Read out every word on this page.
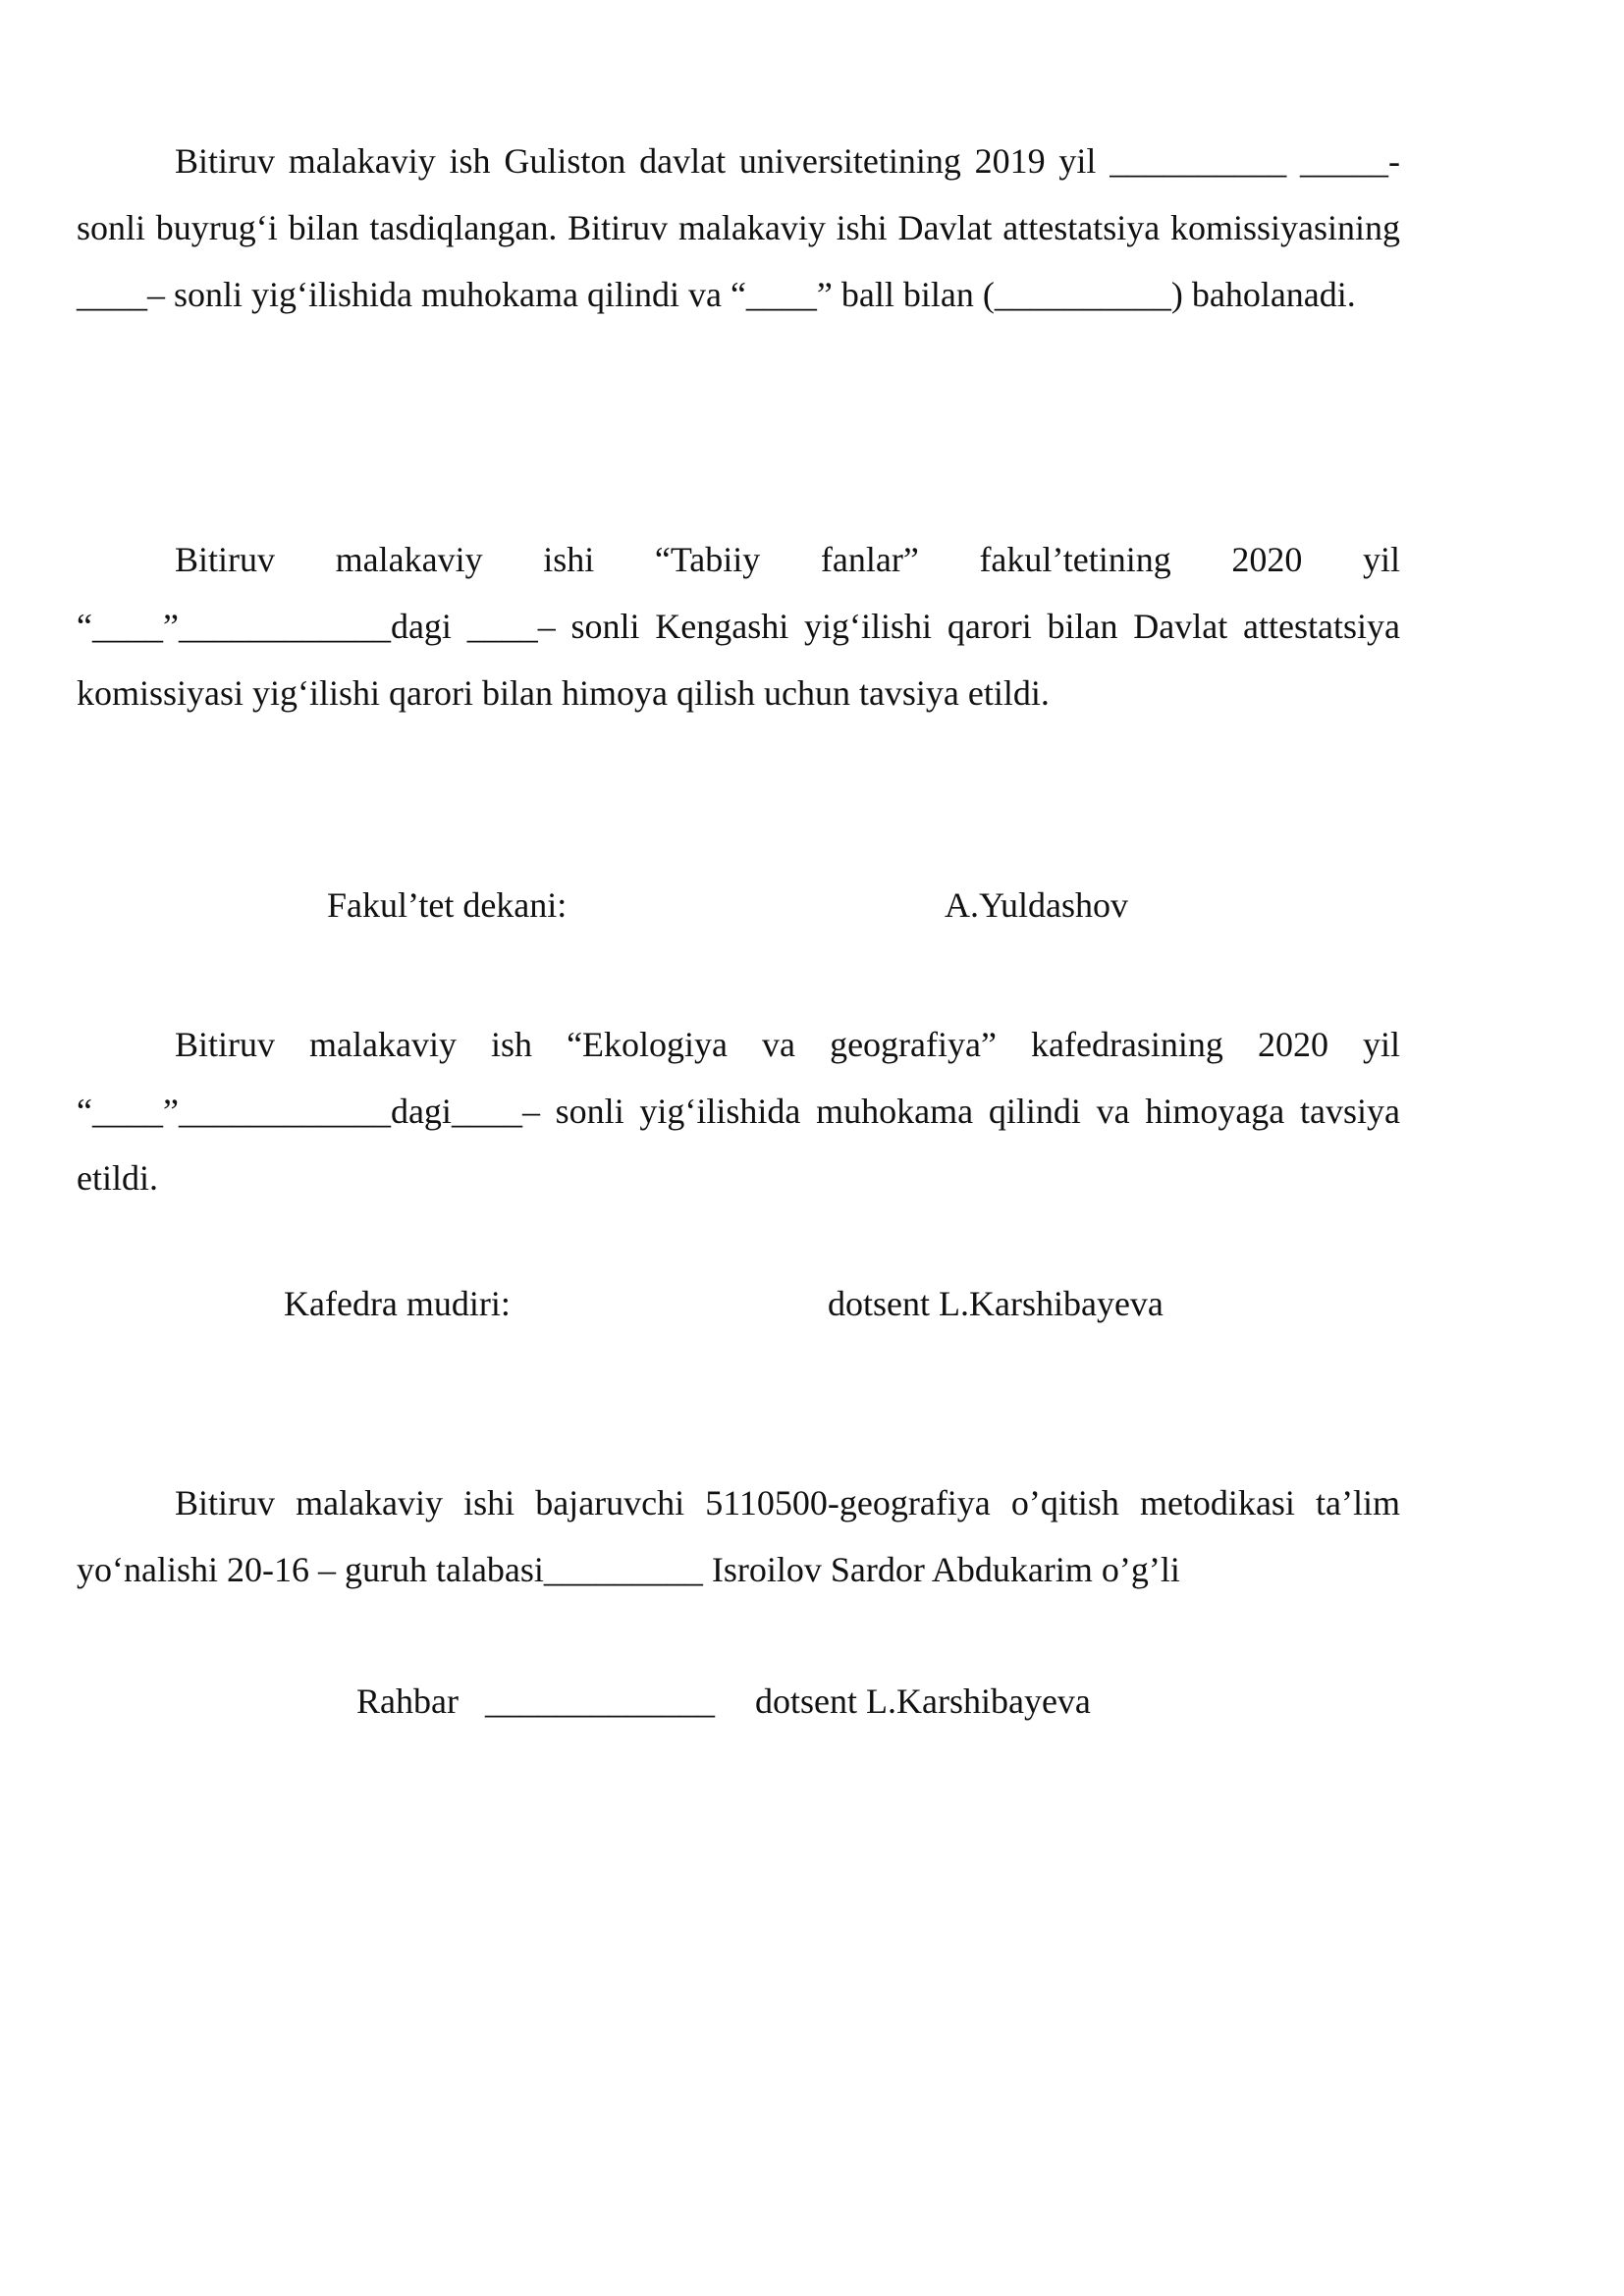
Bitiruv malakaviy ish Guliston davlat universitetining 2019 yil __________ _____- sonli buyrug‘i bilan tasdiqlangan. Bitiruv malakaviy ishi Davlat attestatsiya komissiyasining ____– sonli yig‘ilishida muhokama qilindi va “____” ball bilan (__________) baholanadi.

Bitiruv malakaviy ishi “Tabiiy fanlar” fakul’tetining 2020 yil “____”____________dagi ____– sonli Kengashi yig‘ilishi qarori bilan Davlat attestatsiya komissiyasi yig‘ilishi qarori bilan himoya qilish uchun tavsiya etildi.

Fakul’tet dekani:	A.Yuldashov

Bitiruv malakaviy ish “Ekologiya va geografiya” kafedrasining 2020 yil “____”____________dagi____– sonli yig‘ilishida muhokama qilindi va himoyaga tavsiya etildi.

Kafedra mudiri:	dotsent L.Karshibayeva

Bitiruv malakaviy ishi bajaruvchi 5110500-geografiya o’qitish metodikasi ta’lim yo‘nalishi 20-16 – guruh talabasi_________ Isroilov Sardor Abdukarim o’g’li

Rahbar _____________ dotsent L.Karshibayeva
